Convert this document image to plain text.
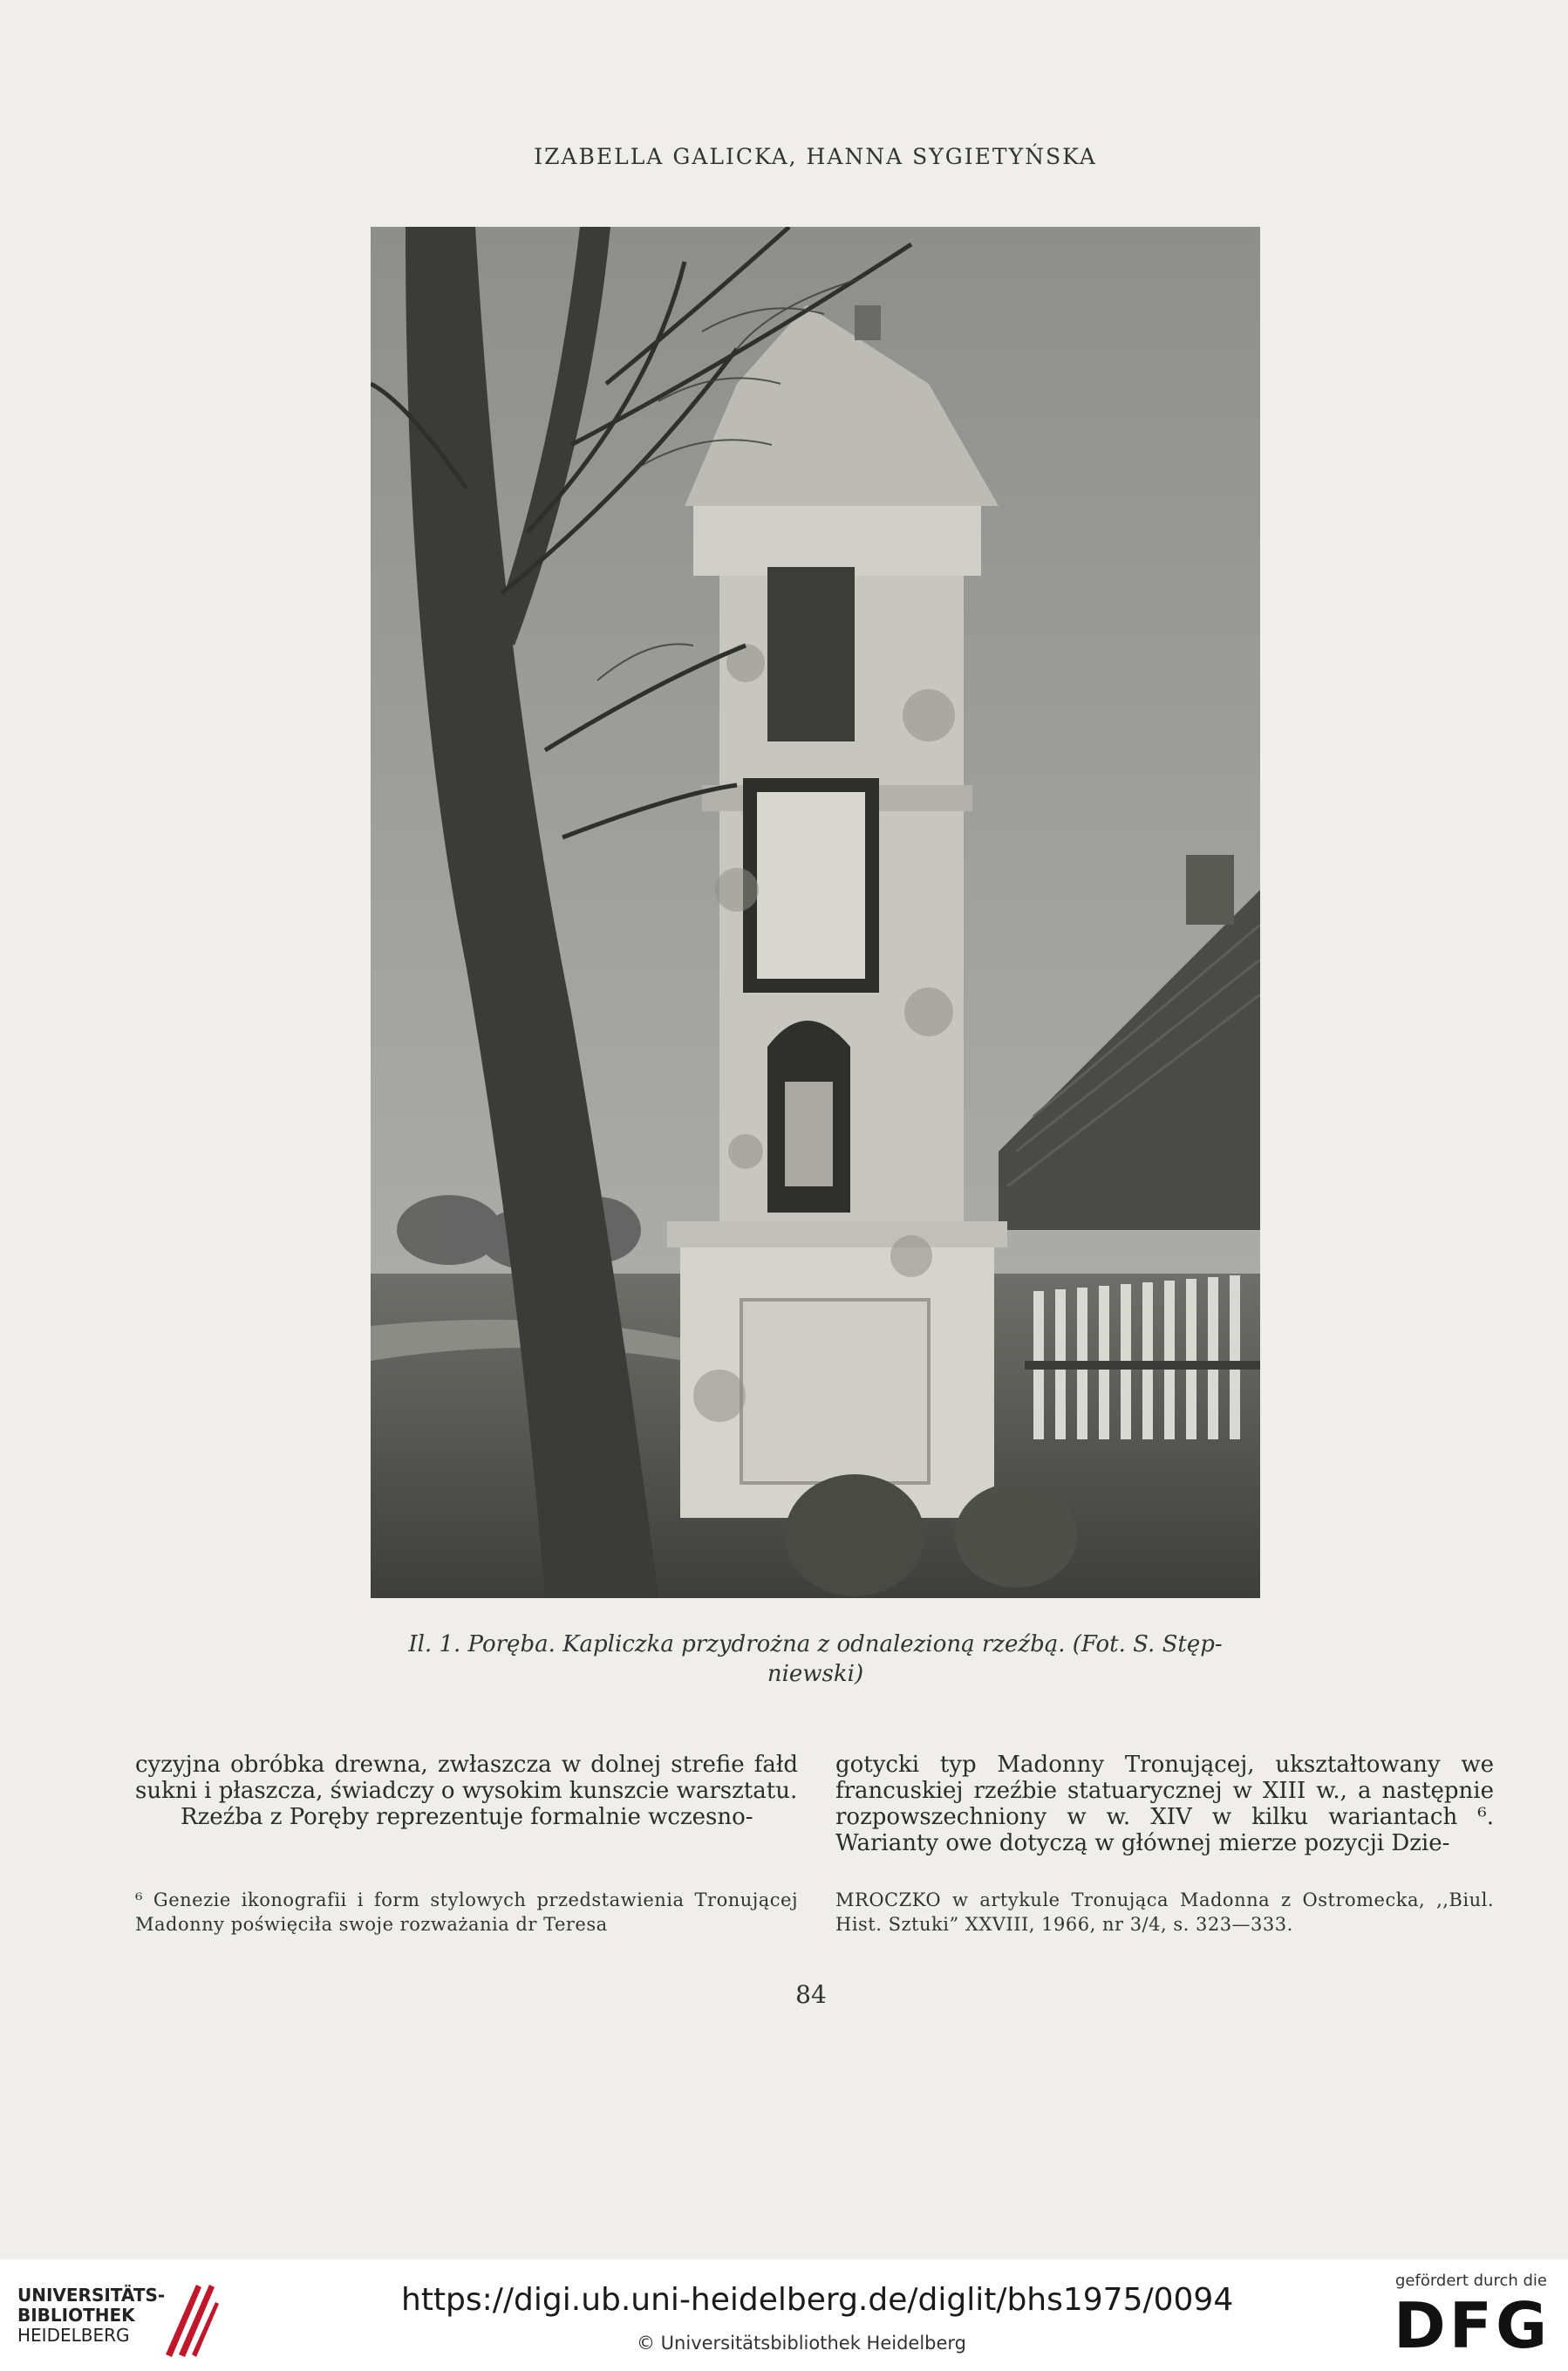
IZABELLA GALICKA, HANNA SYGIETYŃSKA
Il. 1. Poręba. Kapliczka przydrożna z odnalezioną rzeźbą. (Fot. S. Stęp-
niewski)

cyzyjna obróbka drewna, zwłaszcza w dolnej strefie fałd sukni i płaszcza, świadczy o wysokim kunszcie warsztatu.

Rzeźba z Poręby reprezentuje formalnie wczesno-

gotycki typ Madonny Tronującej, ukształtowany we francuskiej rzeźbie statuarycznej w XIII w., a następnie rozpowszechniony w w. XIV w kilku wariantach ⁶. Warianty owe dotyczą w głównej mierze pozycji Dzie-

⁶ Genezie ikonografii i form stylowych przedstawienia Tronującej Madonny poświęciła swoje rozważania dr Teresa
MROCZKO w artykule Tronująca Madonna z Ostromecka, ,,Biul. Hist. Sztuki” XXVIII, 1966, nr 3/4, s. 323—333.
84
UNIVERSITÄTS-
BIBLIOTHEK
HEIDELBERG
https://digi.ub.uni-heidelberg.de/diglit/bhs1975/0094
© Universitätsbibliothek Heidelberg
gefördert durch die
DFG
